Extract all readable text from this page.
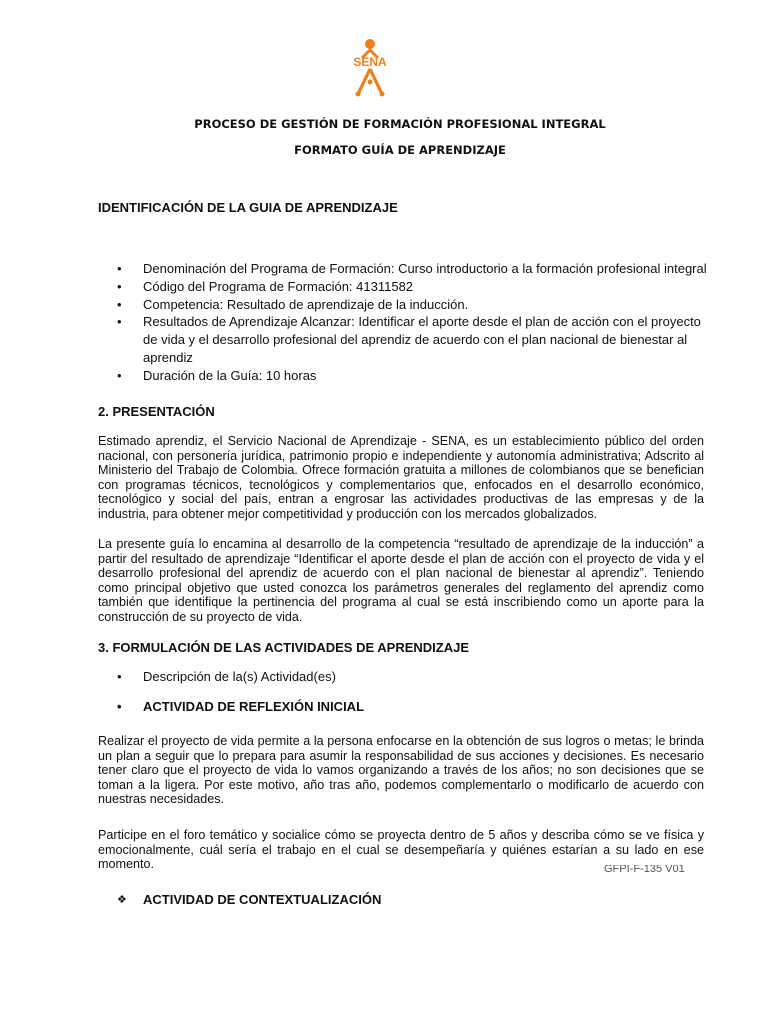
SENA
PROCESO DE GESTIÓN DE FORMACIÓN PROFESIONAL INTEGRAL
FORMATO GUÍA DE APRENDIZAJE
IDENTIFICACIÓN DE LA GUIA DE APRENDIZAJE
• Denominación del Programa de Formación: Curso introductorio a la formación profesional integral
• Código del Programa de Formación: 41311582
• Competencia: Resultado de aprendizaje de la inducción.
• Resultados de Aprendizaje Alcanzar: Identificar el aporte desde el plan de acción con el proyecto de vida y el desarrollo profesional del aprendiz de acuerdo con el plan nacional de bienestar al aprendiz
• Duración de la Guía: 10 horas
2. PRESENTACIÓN

Estimado aprendiz, el Servicio Nacional de Aprendizaje - SENA, es un establecimiento público del orden nacional, con personería jurídica, patrimonio propio e independiente y autonomía administrativa; Adscrito al Ministerio del Trabajo de Colombia. Ofrece formación gratuita a millones de colombianos que se benefician con programas técnicos, tecnológicos y complementarios que, enfocados en el desarrollo económico, tecnológico y social del país, entran a engrosar las actividades productivas de las empresas y de la industria, para obtener mejor competitividad y producción con los mercados globalizados.

La presente guía lo encamina al desarrollo de la competencia “resultado de aprendizaje de la inducción” a partir del resultado de aprendizaje “Identificar el aporte desde el plan de acción con el proyecto de vida y el desarrollo profesional del aprendiz de acuerdo con el plan nacional de bienestar al aprendiz”. Teniendo como principal objetivo que usted conozca los parámetros generales del reglamento del aprendiz como también que identifique la pertinencia del programa al cual se está inscribiendo como un aporte para la construcción de su proyecto de vida.

3. FORMULACIÓN DE LAS ACTIVIDADES DE APRENDIZAJE
• Descripción de la(s) Actividad(es)
• ACTIVIDAD DE REFLEXIÓN INICIAL

Realizar el proyecto de vida permite a la persona enfocarse en la obtención de sus logros o metas; le brinda un plan a seguir que lo prepara para asumir la responsabilidad de sus acciones y decisiones. Es necesario tener claro que el proyecto de vida lo vamos organizando a través de los años; no son decisiones que se toman a la ligera. Por este motivo, año tras año, podemos complementarlo o modificarlo de acuerdo con nuestras necesidades.

Participe en el foro temático y socialice cómo se proyecta dentro de 5 años y describa cómo se ve física y emocionalmente, cuál sería el trabajo en el cual se desempeñaría y quiénes estarían a su lado en ese momento.	GFPI-F-135 V01
❖ ACTIVIDAD DE CONTEXTUALIZACIÓN
